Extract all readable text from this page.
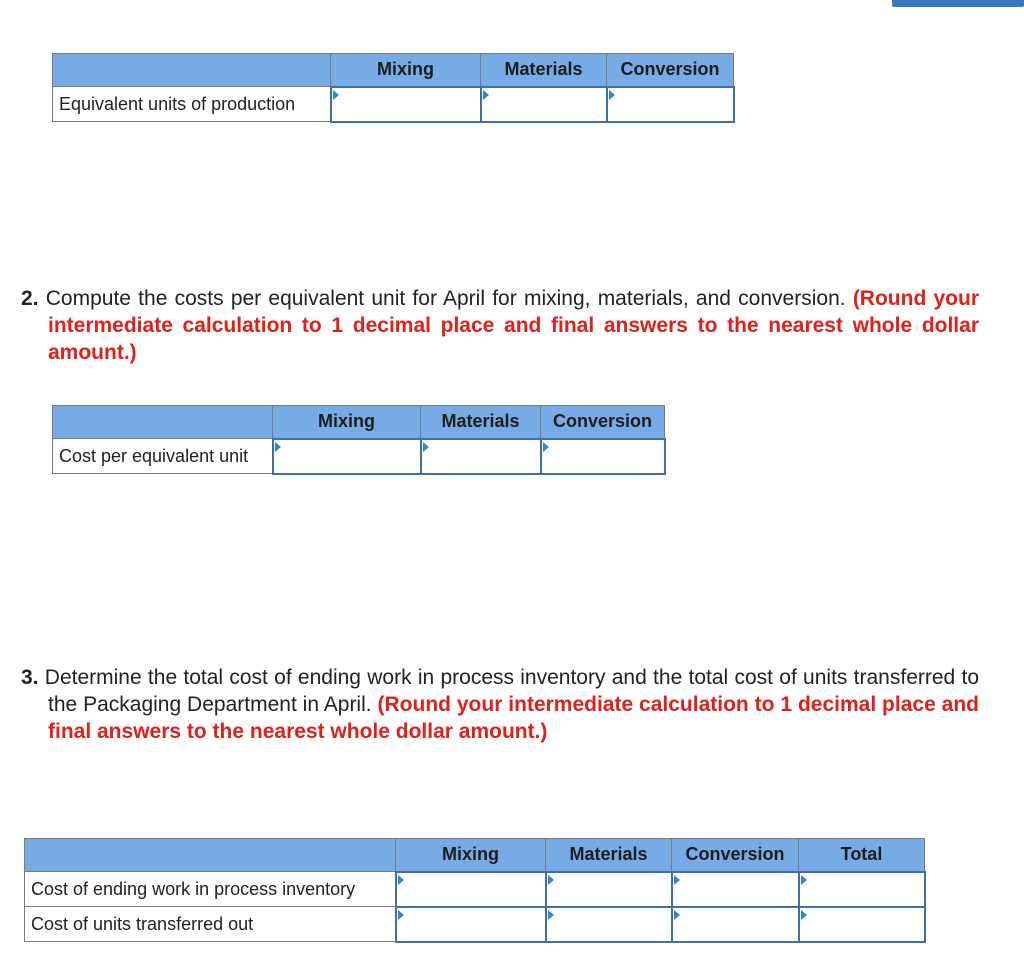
	Mixing	Materials	Conversion
Equivalent units of production	

2. Compute the costs per equivalent unit for April for mixing, materials, and conversion. (Round your intermediate calculation to 1 decimal place and final answers to the nearest whole dollar amount.)
	Mixing	Materials	Conversion
Cost per equivalent unit	

3. Determine the total cost of ending work in process inventory and the total cost of units transferred to the Packaging Department in April. (Round your intermediate calculation to 1 decimal place and final answers to the nearest whole dollar amount.)
	Mixing	Materials	Conversion	Total
Cost of ending work in process inventory	

Cost of units transferred out	
